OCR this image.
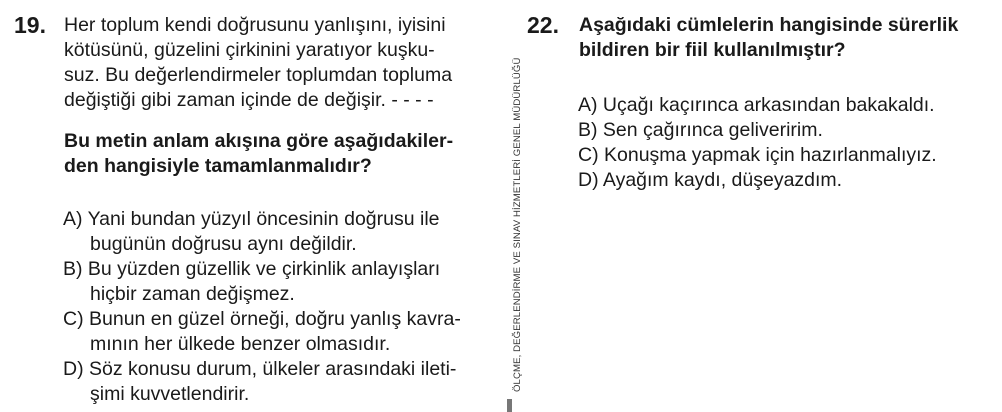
19. Her toplum kendi doğrusunu yanlışını, iyisini
kötüsünü, güzelini çirkinini yaratıyor kuşku-
suz. Bu değerlendirmeler toplumdan topluma
değiştiği gibi zaman içinde de değişir. - - - -
Bu metin anlam akışına göre aşağıdakiler-
den hangisiyle tamamlanmalıdır?
A) Yani bundan yüzyıl öncesinin doğrusu ile
bugünün doğrusu aynı değildir.
B) Bu yüzden güzellik ve çirkinlik anlayışları
hiçbir zaman değişmez.
C) Bunun en güzel örneği, doğru yanlış kavra-
mının her ülkede benzer olmasıdır.
D) Söz konusu durum, ülkeler arasındaki ileti-
şimi kuvvetlendirir.
ÖLÇME, DEĞERLENDİRME VE SINAV HİZMETLERİ GENEL MÜDÜRLÜĞÜ
22. Aşağıdaki cümlelerin hangisinde sürerlik
bildiren bir fiil kullanılmıştır?
A) Uçağı kaçırınca arkasından bakakaldı.
B) Sen çağırınca geliveririm.
C) Konuşma yapmak için hazırlanmalıyız.
D) Ayağım kaydı, düşeyazdım.
